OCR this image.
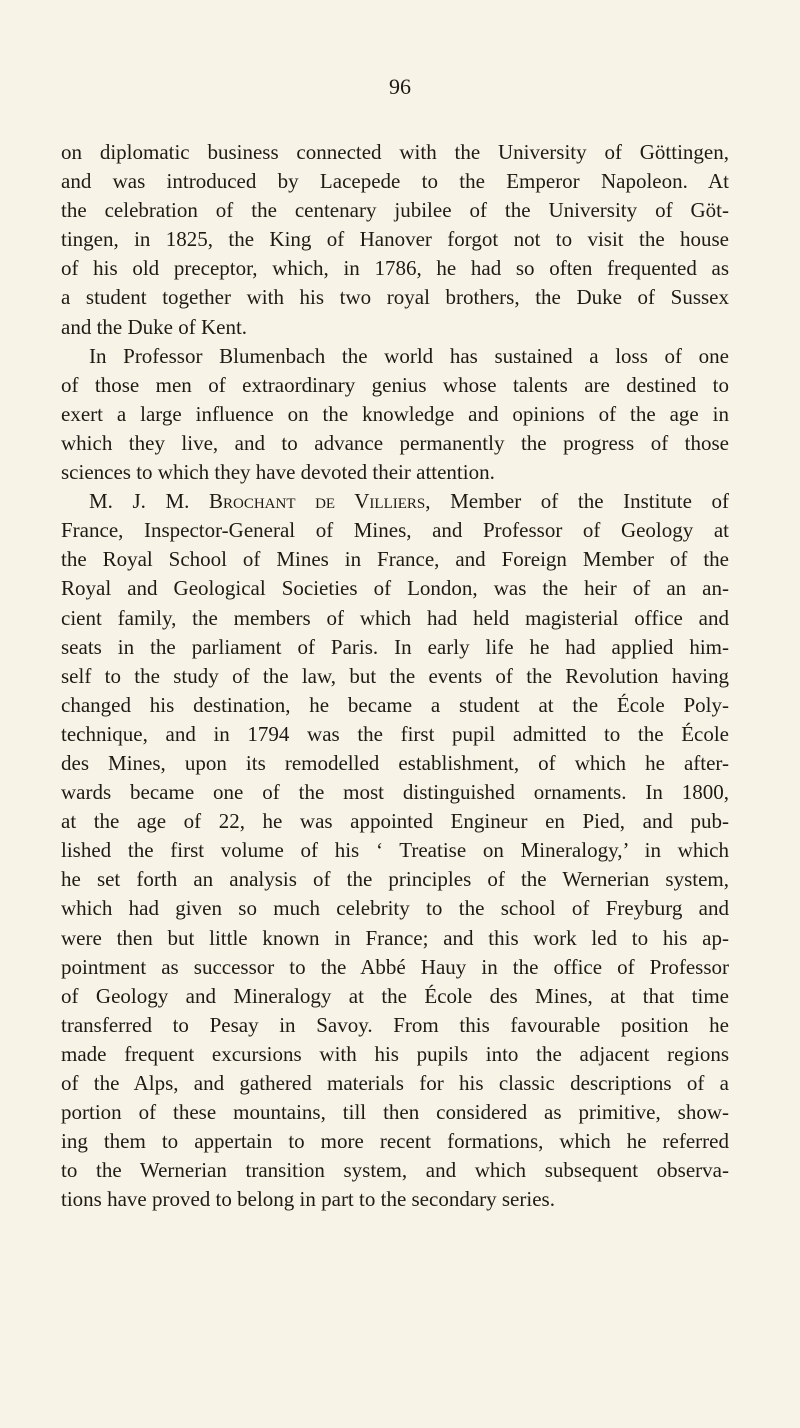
96
on diplomatic business connected with the University of Göttingen,
and was introduced by Lacepede to the Emperor Napoleon. At
the celebration of the centenary jubilee of the University of Göt-
tingen, in 1825, the King of Hanover forgot not to visit the house
of his old preceptor, which, in 1786, he had so often frequented as
a student together with his two royal brothers, the Duke of Sussex
and the Duke of Kent.
In Professor Blumenbach the world has sustained a loss of one
of those men of extraordinary genius whose talents are destined to
exert a large influence on the knowledge and opinions of the age in
which they live, and to advance permanently the progress of those
sciences to which they have devoted their attention.
M. J. M. Brochant de Villiers, Member of the Institute of
France, Inspector-General of Mines, and Professor of Geology at
the Royal School of Mines in France, and Foreign Member of the
Royal and Geological Societies of London, was the heir of an an-
cient family, the members of which had held magisterial office and
seats in the parliament of Paris. In early life he had applied him-
self to the study of the law, but the events of the Revolution having
changed his destination, he became a student at the École Poly-
technique, and in 1794 was the first pupil admitted to the École
des Mines, upon its remodelled establishment, of which he after-
wards became one of the most distinguished ornaments. In 1800,
at the age of 22, he was appointed Engineur en Pied, and pub-
lished the first volume of his ‘ Treatise on Mineralogy,’ in which
he set forth an analysis of the principles of the Wernerian system,
which had given so much celebrity to the school of Freyburg and
were then but little known in France; and this work led to his ap-
pointment as successor to the Abbé Hauy in the office of Professor
of Geology and Mineralogy at the École des Mines, at that time
transferred to Pesay in Savoy. From this favourable position he
made frequent excursions with his pupils into the adjacent regions
of the Alps, and gathered materials for his classic descriptions of a
portion of these mountains, till then considered as primitive, show-
ing them to appertain to more recent formations, which he referred
to the Wernerian transition system, and which subsequent observa-
tions have proved to belong in part to the secondary series.
